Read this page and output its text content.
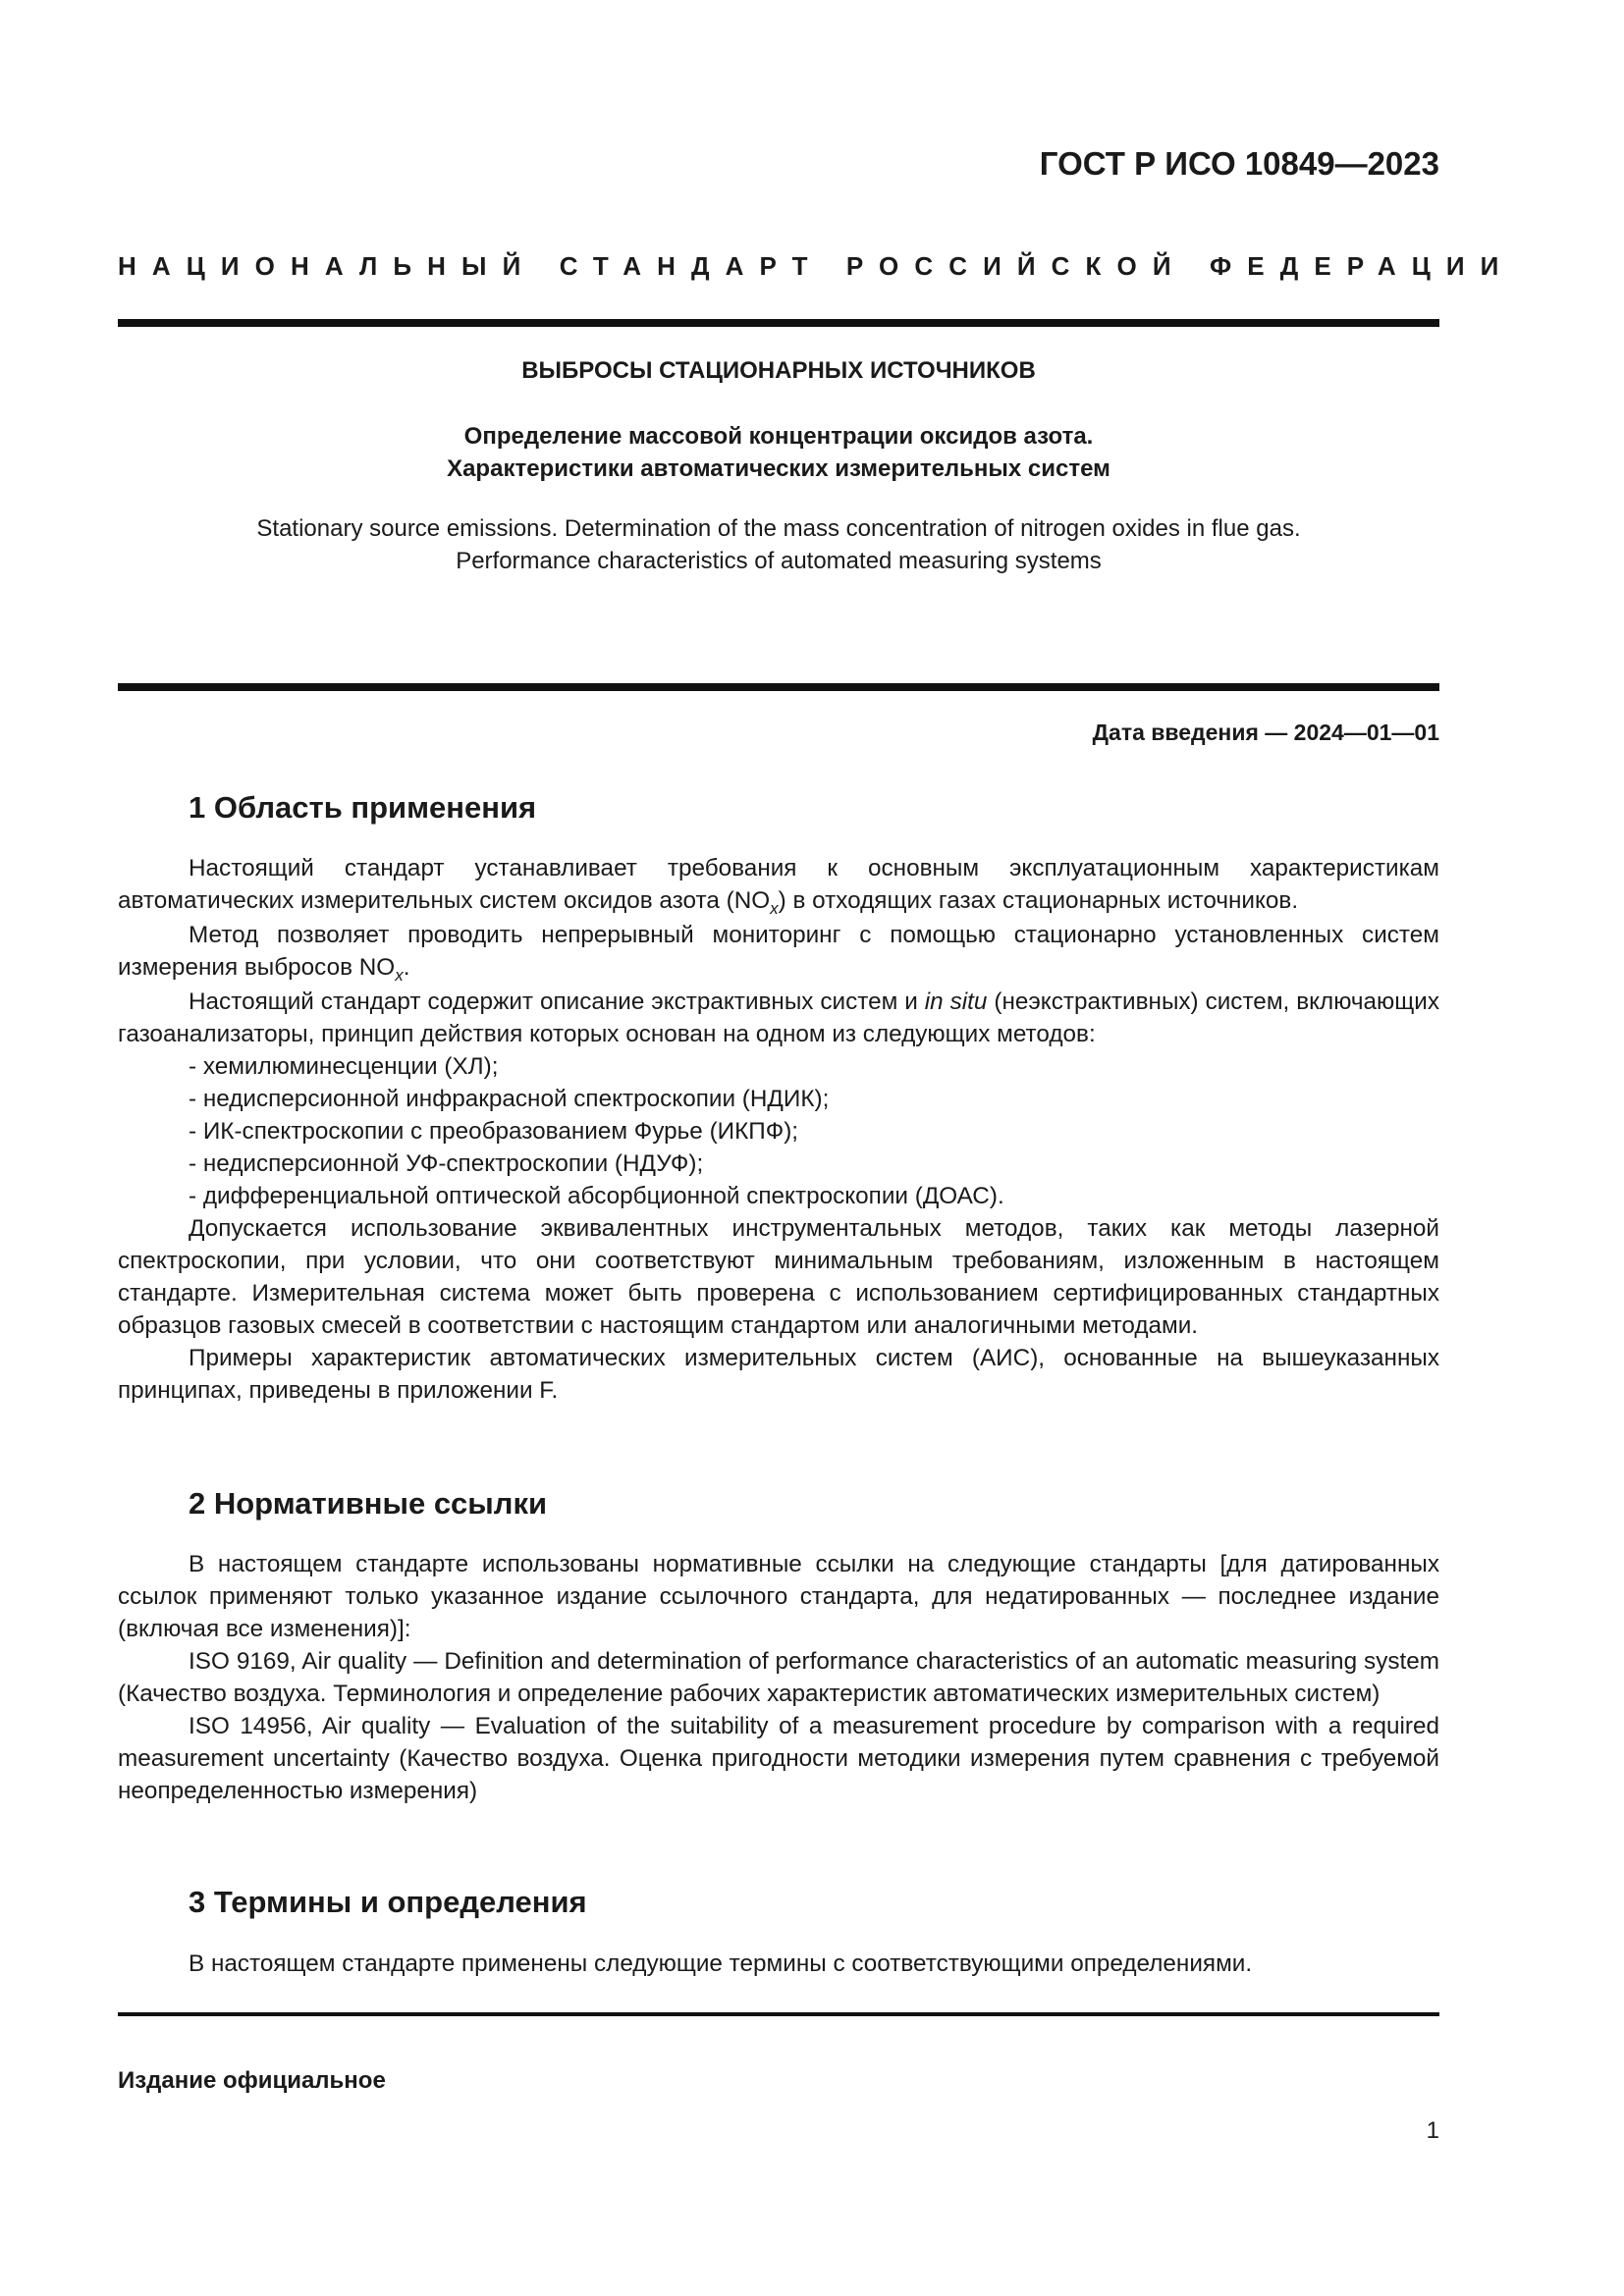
ГОСТ Р ИСО 10849—2023
НАЦИОНАЛЬНЫЙ СТАНДАРТ РОССИЙСКОЙ ФЕДЕРАЦИИ
ВЫБРОСЫ СТАЦИОНАРНЫХ ИСТОЧНИКОВ
Определение массовой концентрации оксидов азота.
Характеристики автоматических измерительных систем
Stationary source emissions. Determination of the mass concentration of nitrogen oxides in flue gas.
Performance characteristics of automated measuring systems
Дата введения — 2024—01—01
1 Область применения

Настоящий стандарт устанавливает требования к основным эксплуатационным характеристикам автоматических измерительных систем оксидов азота $(NO_x)$ в отходящих газах стационарных источников.

Метод позволяет проводить непрерывный мониторинг с помощью стационарно установленных систем измерения выбросов $NO_x$.

Настоящий стандарт содержит описание экстрактивных систем и in situ (неэкстрактивных) систем, включающих газоанализаторы, принцип действия которых основан на одном из следующих методов:

- хемилюминесценции (ХЛ);

- недисперсионной инфракрасной спектроскопии (НДИК);

- ИК-спектроскопии с преобразованием Фурье (ИКПФ);

- недисперсионной УФ-спектроскопии (НДУФ);

- дифференциальной оптической абсорбционной спектроскопии (ДОАС).

Допускается использование эквивалентных инструментальных методов, таких как методы лазерной спектроскопии, при условии, что они соответствуют минимальным требованиям, изложенным в настоящем стандарте. Измерительная система может быть проверена с использованием сертифицированных стандартных образцов газовых смесей в соответствии с настоящим стандартом или аналогичными методами.

Примеры характеристик автоматических измерительных систем (АИС), основанные на вышеуказанных принципах, приведены в приложении F.

2 Нормативные ссылки

В настоящем стандарте использованы нормативные ссылки на следующие стандарты [для датированных ссылок применяют только указанное издание ссылочного стандарта, для недатированных — последнее издание (включая все изменения)]:

ISO 9169, Air quality — Definition and determination of performance characteristics of an automatic measuring system (Качество воздуха. Терминология и определение рабочих характеристик автоматических измерительных систем)

ISO 14956, Air quality — Evaluation of the suitability of a measurement procedure by comparison with a required measurement uncertainty (Качество воздуха. Оценка пригодности методики измерения путем сравнения с требуемой неопределенностью измерения)

3 Термины и определения

В настоящем стандарте применены следующие термины с соответствующими определениями.

Издание официальное
1
